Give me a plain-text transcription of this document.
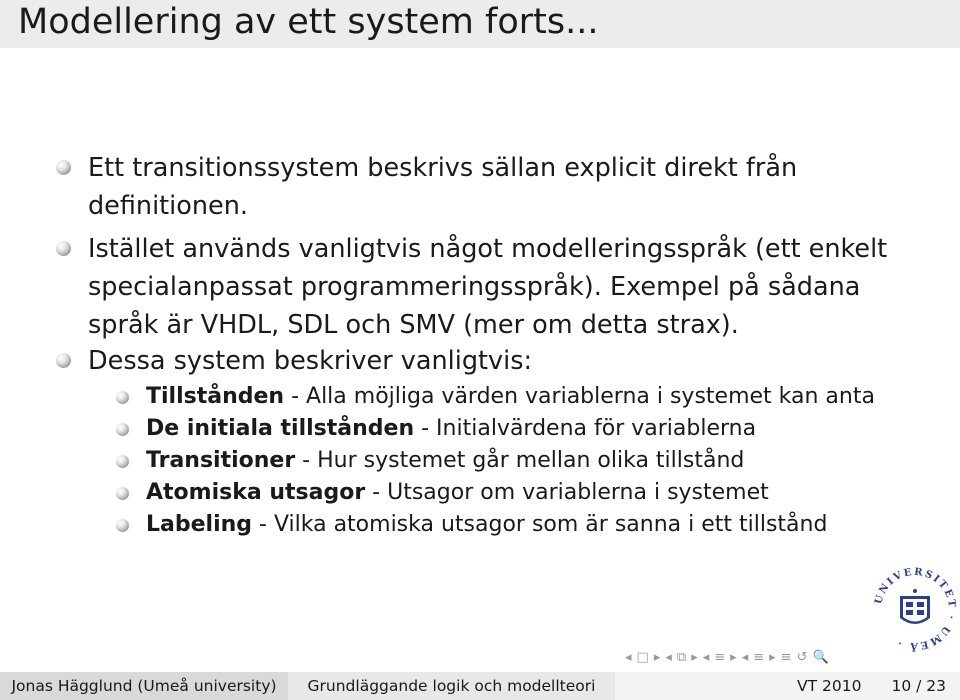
Modellering av ett system forts...
Ett transitionssystem beskrivs sällan explicit direkt från
definitionen.
Istället används vanligtvis något modelleringsspråk (ett enkelt
specialanpassat programmeringsspråk). Exempel på sådana
språk är VHDL, SDL och SMV (mer om detta strax).
Dessa system beskriver vanligtvis:
Tillstånden - Alla möjliga värden variablerna i systemet kan anta
De initiala tillstånden - Initialvärdena för variablerna
Transitioner - Hur systemet går mellan olika tillstånd
Atomiska utsagor - Utsagor om variablerna i systemet
Labeling - Vilka atomiska utsagor som är sanna i ett tillstånd
UNIVERSITET · UMEÅ ·
◂ □ ▸ ◂ ⧉ ▸ ◂ ≡ ▸ ◂ ≡ ▸ ≡ ↺ 🔍
Jonas Hägglund (Umeå university)	Grundläggande logik och modellteori	VT 2010 10 / 23
